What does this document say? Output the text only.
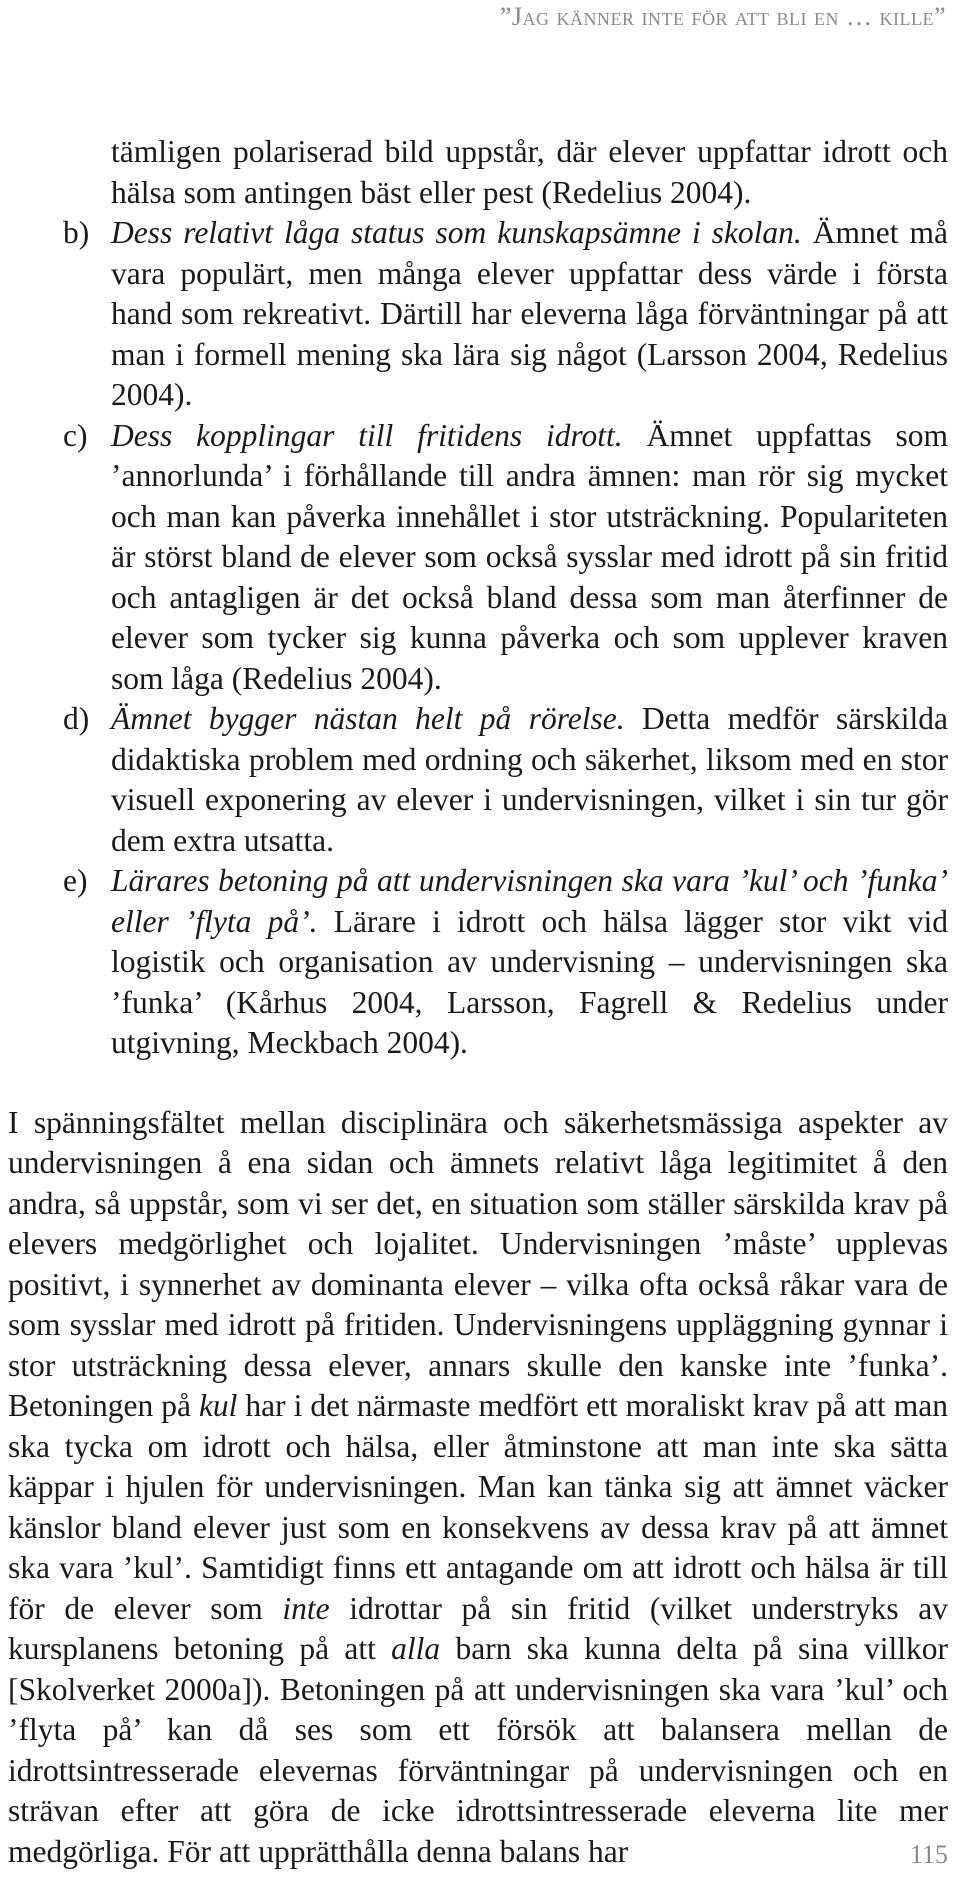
”Jag känner inte för att bli en … kille”
tämligen polariserad bild uppstår, där elever uppfattar idrott och hälsa som antingen bäst eller pest (Redelius 2004).
b) Dess relativt låga status som kunskapsämne i skolan. Ämnet må vara populärt, men många elever uppfattar dess värde i första hand som rekreativt. Därtill har eleverna låga förväntningar på att man i formell mening ska lära sig något (Larsson 2004, Redelius 2004).
c) Dess kopplingar till fritidens idrott. Ämnet uppfattas som ’annorlunda’ i förhållande till andra ämnen: man rör sig mycket och man kan påverka innehållet i stor utsträckning. Populariteten är störst bland de elever som också sysslar med idrott på sin fritid och antagligen är det också bland dessa som man återfinner de elever som tycker sig kunna påverka och som upplever kraven som låga (Redelius 2004).
d) Ämnet bygger nästan helt på rörelse. Detta medför särskilda didaktiska problem med ordning och säkerhet, liksom med en stor visuell exponering av elever i undervisningen, vilket i sin tur gör dem extra utsatta.
e) Lärares betoning på att undervisningen ska vara ’kul’ och ’funka’ eller ’flyta på’. Lärare i idrott och hälsa lägger stor vikt vid logistik och organisation av undervisning – undervisningen ska ’funka’ (Kårhus 2004, Larsson, Fagrell & Redelius under utgivning, Meckbach 2004).

I spänningsfältet mellan disciplinära och säkerhetsmässiga aspekter av undervisningen å ena sidan och ämnets relativt låga legitimitet å den andra, så uppstår, som vi ser det, en situation som ställer särskilda krav på elevers medgörlighet och lojalitet. Undervisningen ’måste’ upplevas positivt, i synnerhet av dominanta elever – vilka ofta också råkar vara de som sysslar med idrott på fritiden. Undervisningens uppläggning gynnar i stor utsträckning dessa elever, annars skulle den kanske inte ’funka’. Betoningen på kul har i det närmaste medfört ett moraliskt krav på att man ska tycka om idrott och hälsa, eller åtminstone att man inte ska sätta käppar i hjulen för undervisningen. Man kan tänka sig att ämnet väcker känslor bland elever just som en konsekvens av dessa krav på att ämnet ska vara ’kul’. Samtidigt finns ett antagande om att idrott och hälsa är till för de elever som inte idrottar på sin fritid (vilket understryks av kursplanens betoning på att alla barn ska kunna delta på sina villkor [Skolverket 2000a]). Betoningen på att undervisningen ska vara ’kul’ och ’flyta på’ kan då ses som ett försök att balansera mellan de idrottsintresserade elevernas förväntningar på undervisningen och en strävan efter att göra de icke idrottsintresserade eleverna lite mer medgörliga. För att upprätthålla denna balans har	115
